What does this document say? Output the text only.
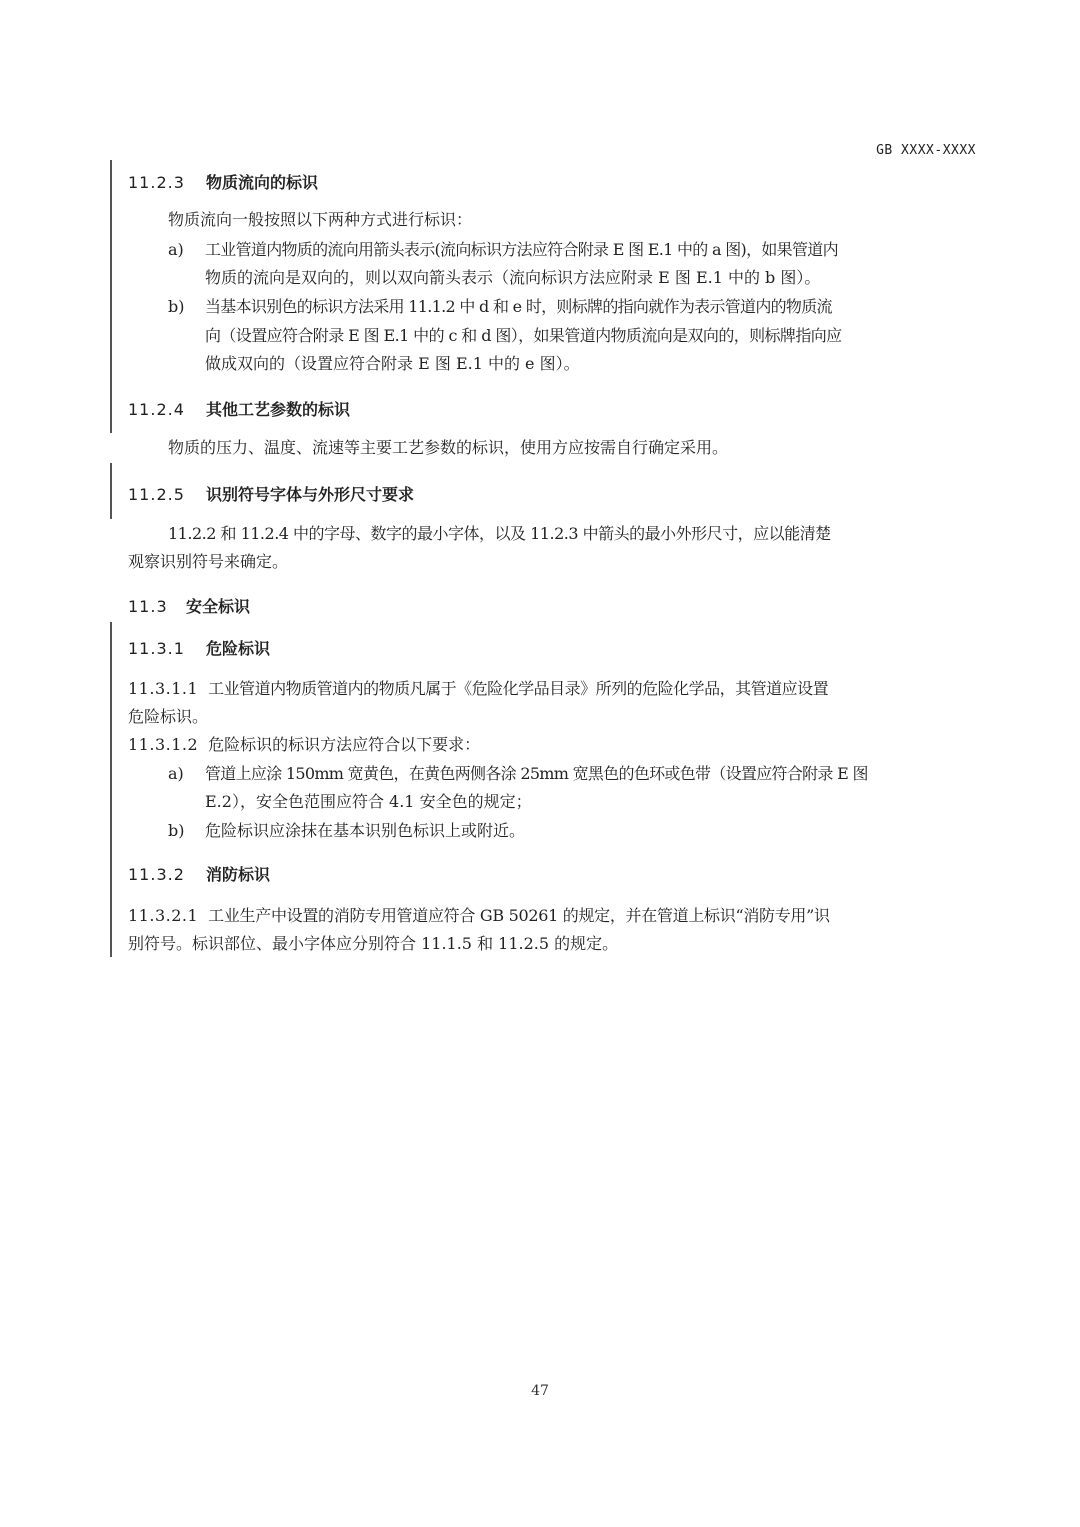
GB XXXX-XXXX
11.2.3 物质流向的标识
物质流向一般按照以下两种方式进行标识：
a) 工业管道内物质的流向用箭头表示(流向标识方法应符合附录 E 图 E.1 中的 a 图)，如果管道内
物质的流向是双向的，则以双向箭头表示（流向标识方法应附录 E 图 E.1 中的 b 图）。
b) 当基本识别色的标识方法采用 11.1.2 中 d 和 e 时，则标牌的指向就作为表示管道内的物质流
向（设置应符合附录 E 图 E.1 中的 c 和 d 图），如果管道内物质流向是双向的，则标牌指向应
做成双向的（设置应符合附录 E 图 E.1 中的 e 图）。
11.2.4 其他工艺参数的标识
物质的压力、温度、流速等主要工艺参数的标识，使用方应按需自行确定采用。
11.2.5 识别符号字体与外形尺寸要求
11.2.2 和 11.2.4 中的字母、数字的最小字体，以及 11.2.3 中箭头的最小外形尺寸，应以能清楚
观察识别符号来确定。
11.3 安全标识
11.3.1 危险标识
11.3.1.1 工业管道内物质管道内的物质凡属于《危险化学品目录》所列的危险化学品，其管道应设置
危险标识。
11.3.1.2 危险标识的标识方法应符合以下要求：
a) 管道上应涂 150mm 宽黄色，在黄色两侧各涂 25mm 宽黑色的色环或色带（设置应符合附录 E 图
E.2），安全色范围应符合 4.1 安全色的规定；
b) 危险标识应涂抹在基本识别色标识上或附近。
11.3.2 消防标识
11.3.2.1 工业生产中设置的消防专用管道应符合 GB 50261 的规定，并在管道上标识“消防专用”识
别符号。标识部位、最小字体应分别符合 11.1.5 和 11.2.5 的规定。
47
